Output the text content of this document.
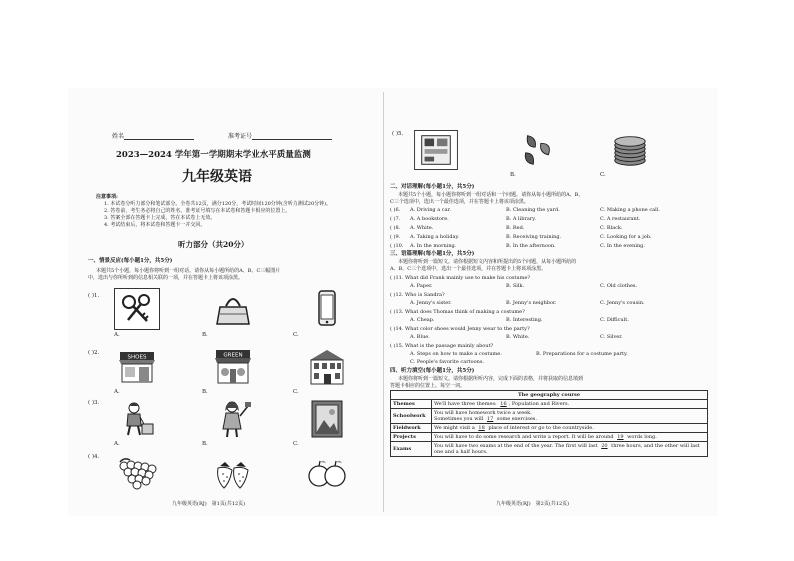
姓名	准考证号
2023—2024 学年第一学期期末学业水平质量监测
九年级英语
注意事项:
1. 本试卷分听力部分和笔试部分。全卷共12页，满分120分，考试时间120分钟(含听力测试20分钟)。
2. 答卷前，考生务必将自己的姓名、准考证号填写在本试卷和答题卡相应的位置上。
3. 答案全部在答题卡上完成，答在本试卷上无效。
4. 考试结束后，将本试卷和答题卡一并交回。
听力部分（共20分）
一、情景反应(每小题1分，共5分)
本题共5个小题，每小题你将听到一组对话。请你从每小题所给的A、B、C三幅图片
中，选出与你所听到的信息相关联的一项，并在答题卡上将该项涂黑。
( )1.
A.	B.	C.
( )2.
SHOES
A.
GREEN
B.	C.
( )3.
A.	B.	C.
( )4.
九年级英语(RJ)　第1页(共12页)
( )5.
B.	C.
二、对话理解(每小题1分，共5分)
本题共5个小题，每小题你将听到一组对话和一个问题。请你从每小题所给的A、B、
C三个选项中，选出一个最佳选项，并在答题卡上将该项涂黑。
( )6. A. Driving a car.	B. Cleaning the yard.	C. Making a phone call.
( )7. A. A bookstore.	B. A library.	C. A restaurant.
( )8. A. White.	B. Red.	C. Black.
( )9. A. Taking a holiday.	B. Receiving training.	C. Looking for a job.
( )10. A. In the morning.	B. In the afternoon.	C. In the evening.
三、语篇理解(每小题1分，共5分)
本题你将听到一篇短文。请你根据短文内容和所提出的5个问题，从每小题所给的
A、B、C三个选项中，选出一个最佳选项，并在答题卡上将该项涂黑。
( )11. What did Frank mainly use to make his costume?
A. Paper.	B. Silk.	C. Old clothes.
( )12. Who is Sandra?
A. Jenny's sister.	B. Jenny's neighbor.	C. Jenny's cousin.
( )13. What does Thomas think of making a costume?
A. Cheap.	B. Interesting.	C. Difficult.
( )14. What color shoes would Jenny wear to the party?
A. Blue.	B. White.	C. Silver.
( )15. What is the passage mainly about?
A. Steps on how to make a costume.	B. Preparations for a costume party.
C. People's favorite cartoons.
四、听力填空(每小题1分，共5分)
本题你将听到一篇短文。请你根据所听内容，完成下面的表格，并将获取的信息填到
答题卡相应的位置上。每空一词。
The geography course	
Themes	We'll have three themes: 16 , Population and Rivers.
Schoolwork	You will have homework twice a week.
Sometimes you will 17 some exercises.

Fieldwork	We might visit a 18 place of interest or go to the countryside.
Projects	You will have to do some research and write a report. It will be around 19 words long.
Exams	You will have two exams at the end of the year. The first will last 20 three hours, and the other will last one and a half hours.
九年级英语(RJ)　第2页(共12页)
